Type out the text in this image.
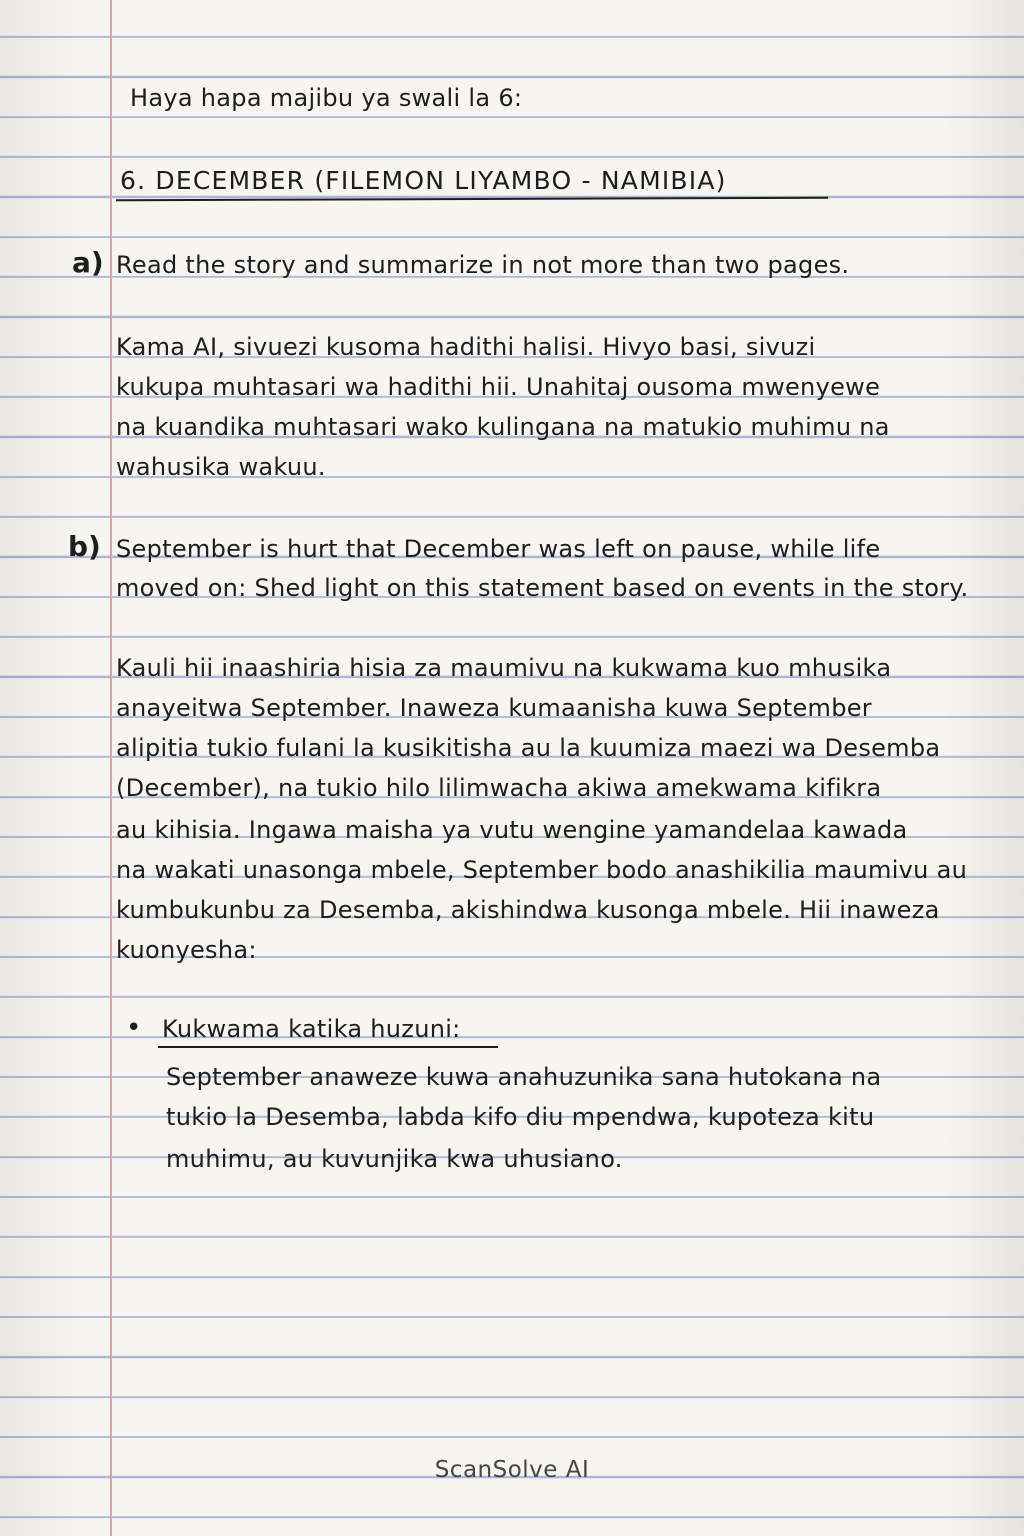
Haya hapa majibu ya swali la 6:
6. DECEMBER (FILEMON LIYAMBO - NAMIBIA)
a) Read the story and summarize in not more than two pages.
Kama AI, sivuezi kusoma hadithi halisi. Hivyo basi, sivuzi
kukupa muhtasari wa hadithi hii. Unahitaj ousoma mwenyewe
na kuandika muhtasari wako kulingana na matukio muhimu na
wahusika wakuu.
b) September is hurt that December was left on pause, while life
moved on: Shed light on this statement based on events in the story.
Kauli hii inaashiria hisia za maumivu na kukwama kuo mhusika
anayeitwa September. Inaweza kumaanisha kuwa September
alipitia tukio fulani la kusikitisha au la kuumiza maezi wa Desemba
(December), na tukio hilo lilimwacha akiwa amekwama kifikra
au kihisia. Ingawa maisha ya vutu wengine yamandelaa kawada
na wakati unasonga mbele, September bodo anashikilia maumivu au
kumbukunbu za Desemba, akishindwa kusonga mbele. Hii inaweza
kuonyesha:
• Kukwama katika huzuni:
September anaweze kuwa anahuzunika sana hutokana na
tukio la Desemba, labda kifo diu mpendwa, kupoteza kitu
muhimu, au kuvunjika kwa uhusiano.
ScanSolve AI
